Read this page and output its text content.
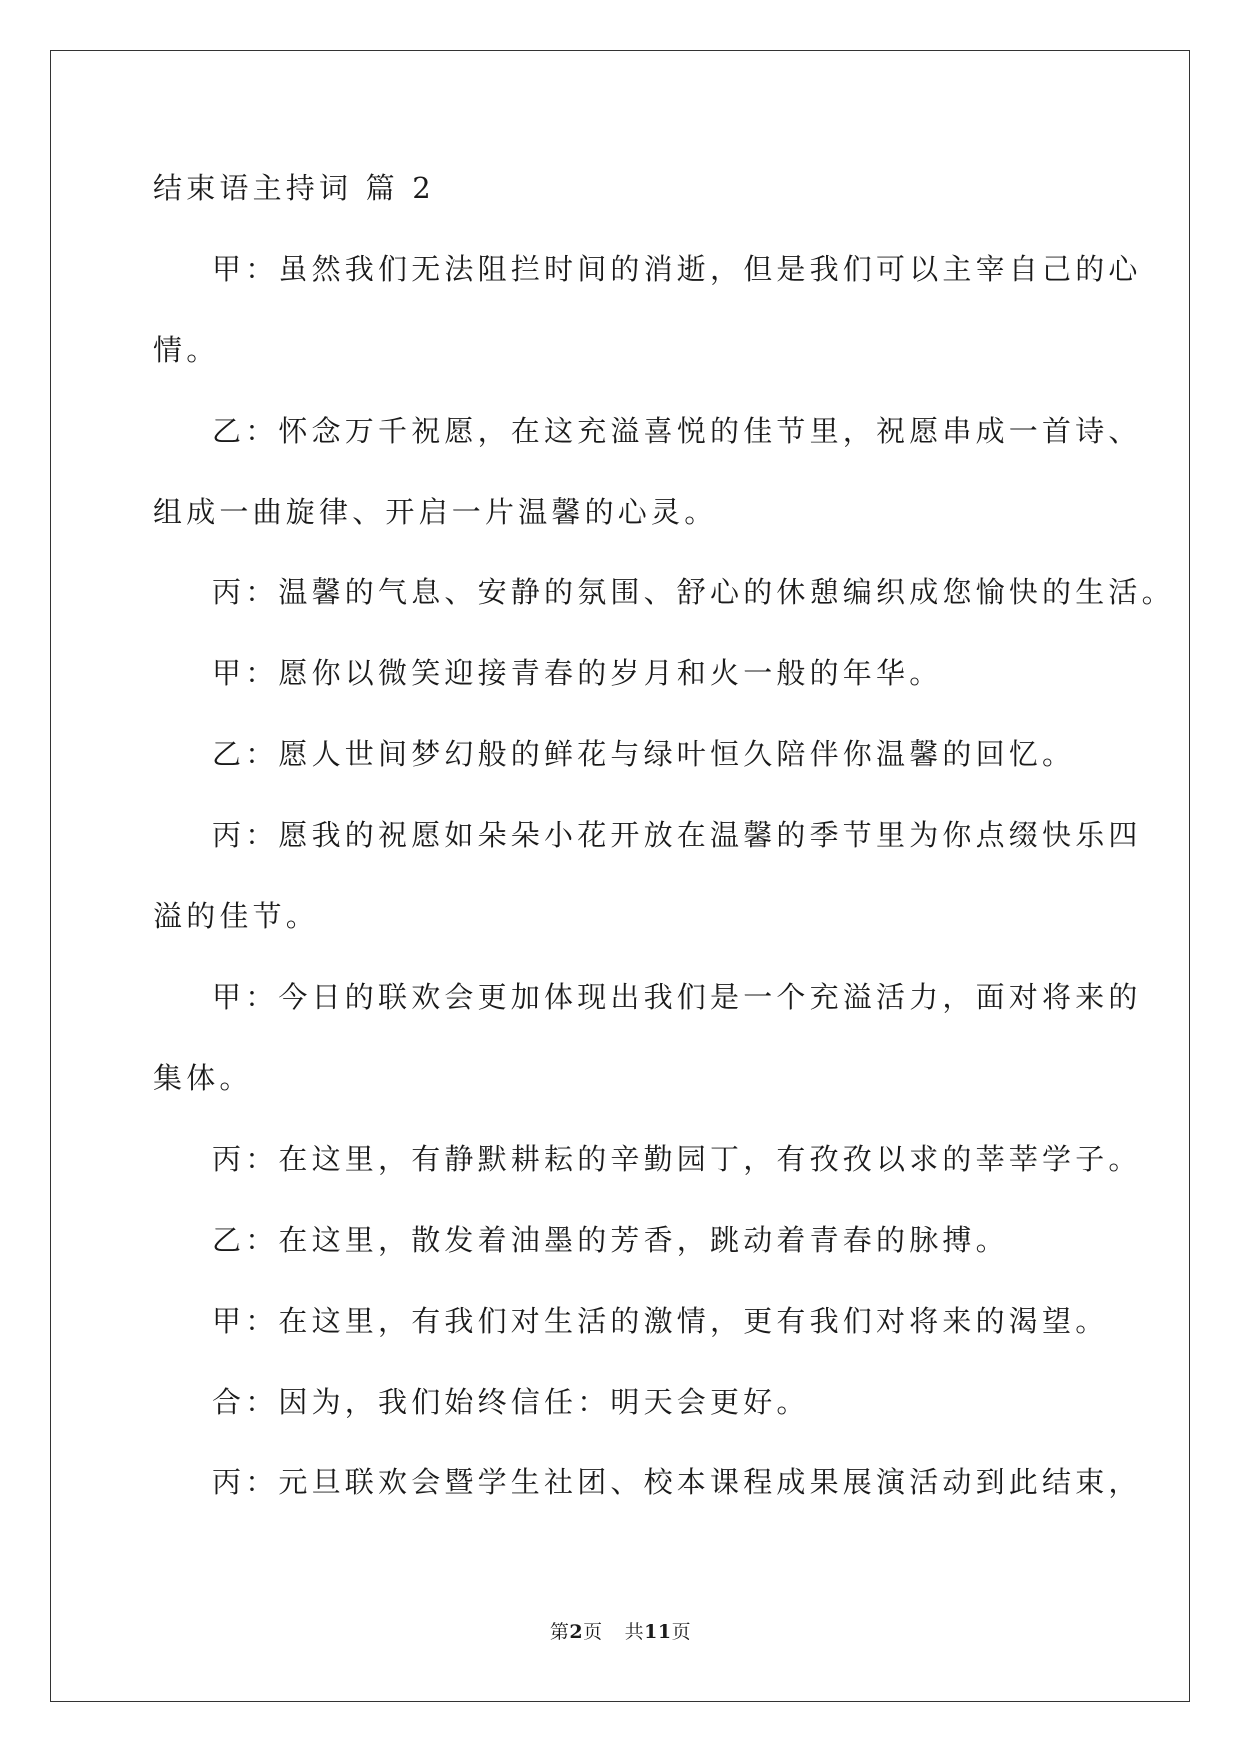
结束语主持词 篇 2
甲：虽然我们无法阻拦时间的消逝，但是我们可以主宰自己的心
情。
乙：怀念万千祝愿，在这充溢喜悦的佳节里，祝愿串成一首诗、
组成一曲旋律、开启一片温馨的心灵。
丙：温馨的气息、安静的氛围、舒心的休憩编织成您愉快的生活。
甲：愿你以微笑迎接青春的岁月和火一般的年华。
乙：愿人世间梦幻般的鲜花与绿叶恒久陪伴你温馨的回忆。
丙：愿我的祝愿如朵朵小花开放在温馨的季节里为你点缀快乐四
溢的佳节。
甲：今日的联欢会更加体现出我们是一个充溢活力，面对将来的
集体。
丙：在这里，有静默耕耘的辛勤园丁，有孜孜以求的莘莘学子。
乙：在这里，散发着油墨的芳香，跳动着青春的脉搏。
甲：在这里，有我们对生活的激情，更有我们对将来的渴望。
合：因为，我们始终信任：明天会更好。
丙：元旦联欢会暨学生社团、校本课程成果展演活动到此结束，
第2页 共11页
